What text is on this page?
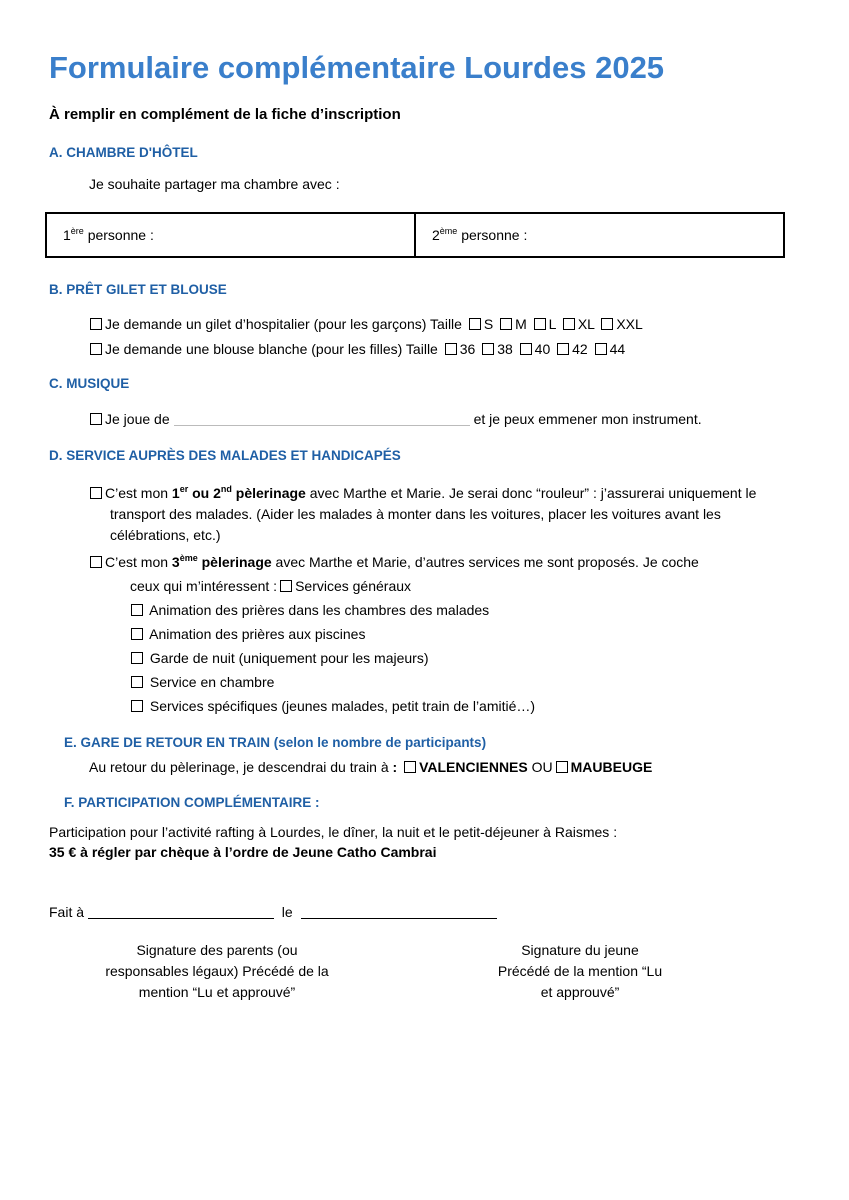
Formulaire complémentaire Lourdes 2025
À remplir en complément de la fiche d’inscription
A. CHAMBRE D'HÔTEL
Je souhaite partager ma chambre avec :
1ère personne :	2ème personne :
B. PRÊT GILET ET BLOUSE
Je demande un gilet d’hospitalier (pour les garçons) Taille S M L XL XXL
Je demande une blouse blanche (pour les filles) Taille 36 38 40 42 44
C. MUSIQUE
Je joue de	et je peux emmener mon instrument.
D. SERVICE AUPRÈS DES MALADES ET HANDICAPÉS
C’est mon 1er ou 2nd pèlerinage avec Marthe et Marie. Je serai donc “rouleur” : j’assurerai uniquement le
transport des malades. (Aider les malades à monter dans les voitures, placer les voitures avant les
célébrations, etc.)
C’est mon 3ème pèlerinage avec Marthe et Marie, d’autres services me sont proposés. Je coche
ceux qui m’intéressent : Services généraux
Animation des prières dans les chambres des malades
Animation des prières aux piscines
Garde de nuit (uniquement pour les majeurs)
Service en chambre
Services spécifiques (jeunes malades, petit train de l’amitié…)
E. GARE DE RETOUR EN TRAIN (selon le nombre de participants)
Au retour du pèlerinage, je descendrai du train à : VALENCIENNES OU MAUBEUGE
F. PARTICIPATION COMPLÉMENTAIRE :
Participation pour l’activité rafting à Lourdes, le dîner, la nuit et le petit-déjeuner à Raismes :
35 € à régler par chèque à l’ordre de Jeune Catho Cambrai
Fait à	le
Signature des parents (ou
responsables légaux) Précédé de la
mention “Lu et approuvé”
Signature du jeune
Précédé de la mention “Lu
et approuvé”
